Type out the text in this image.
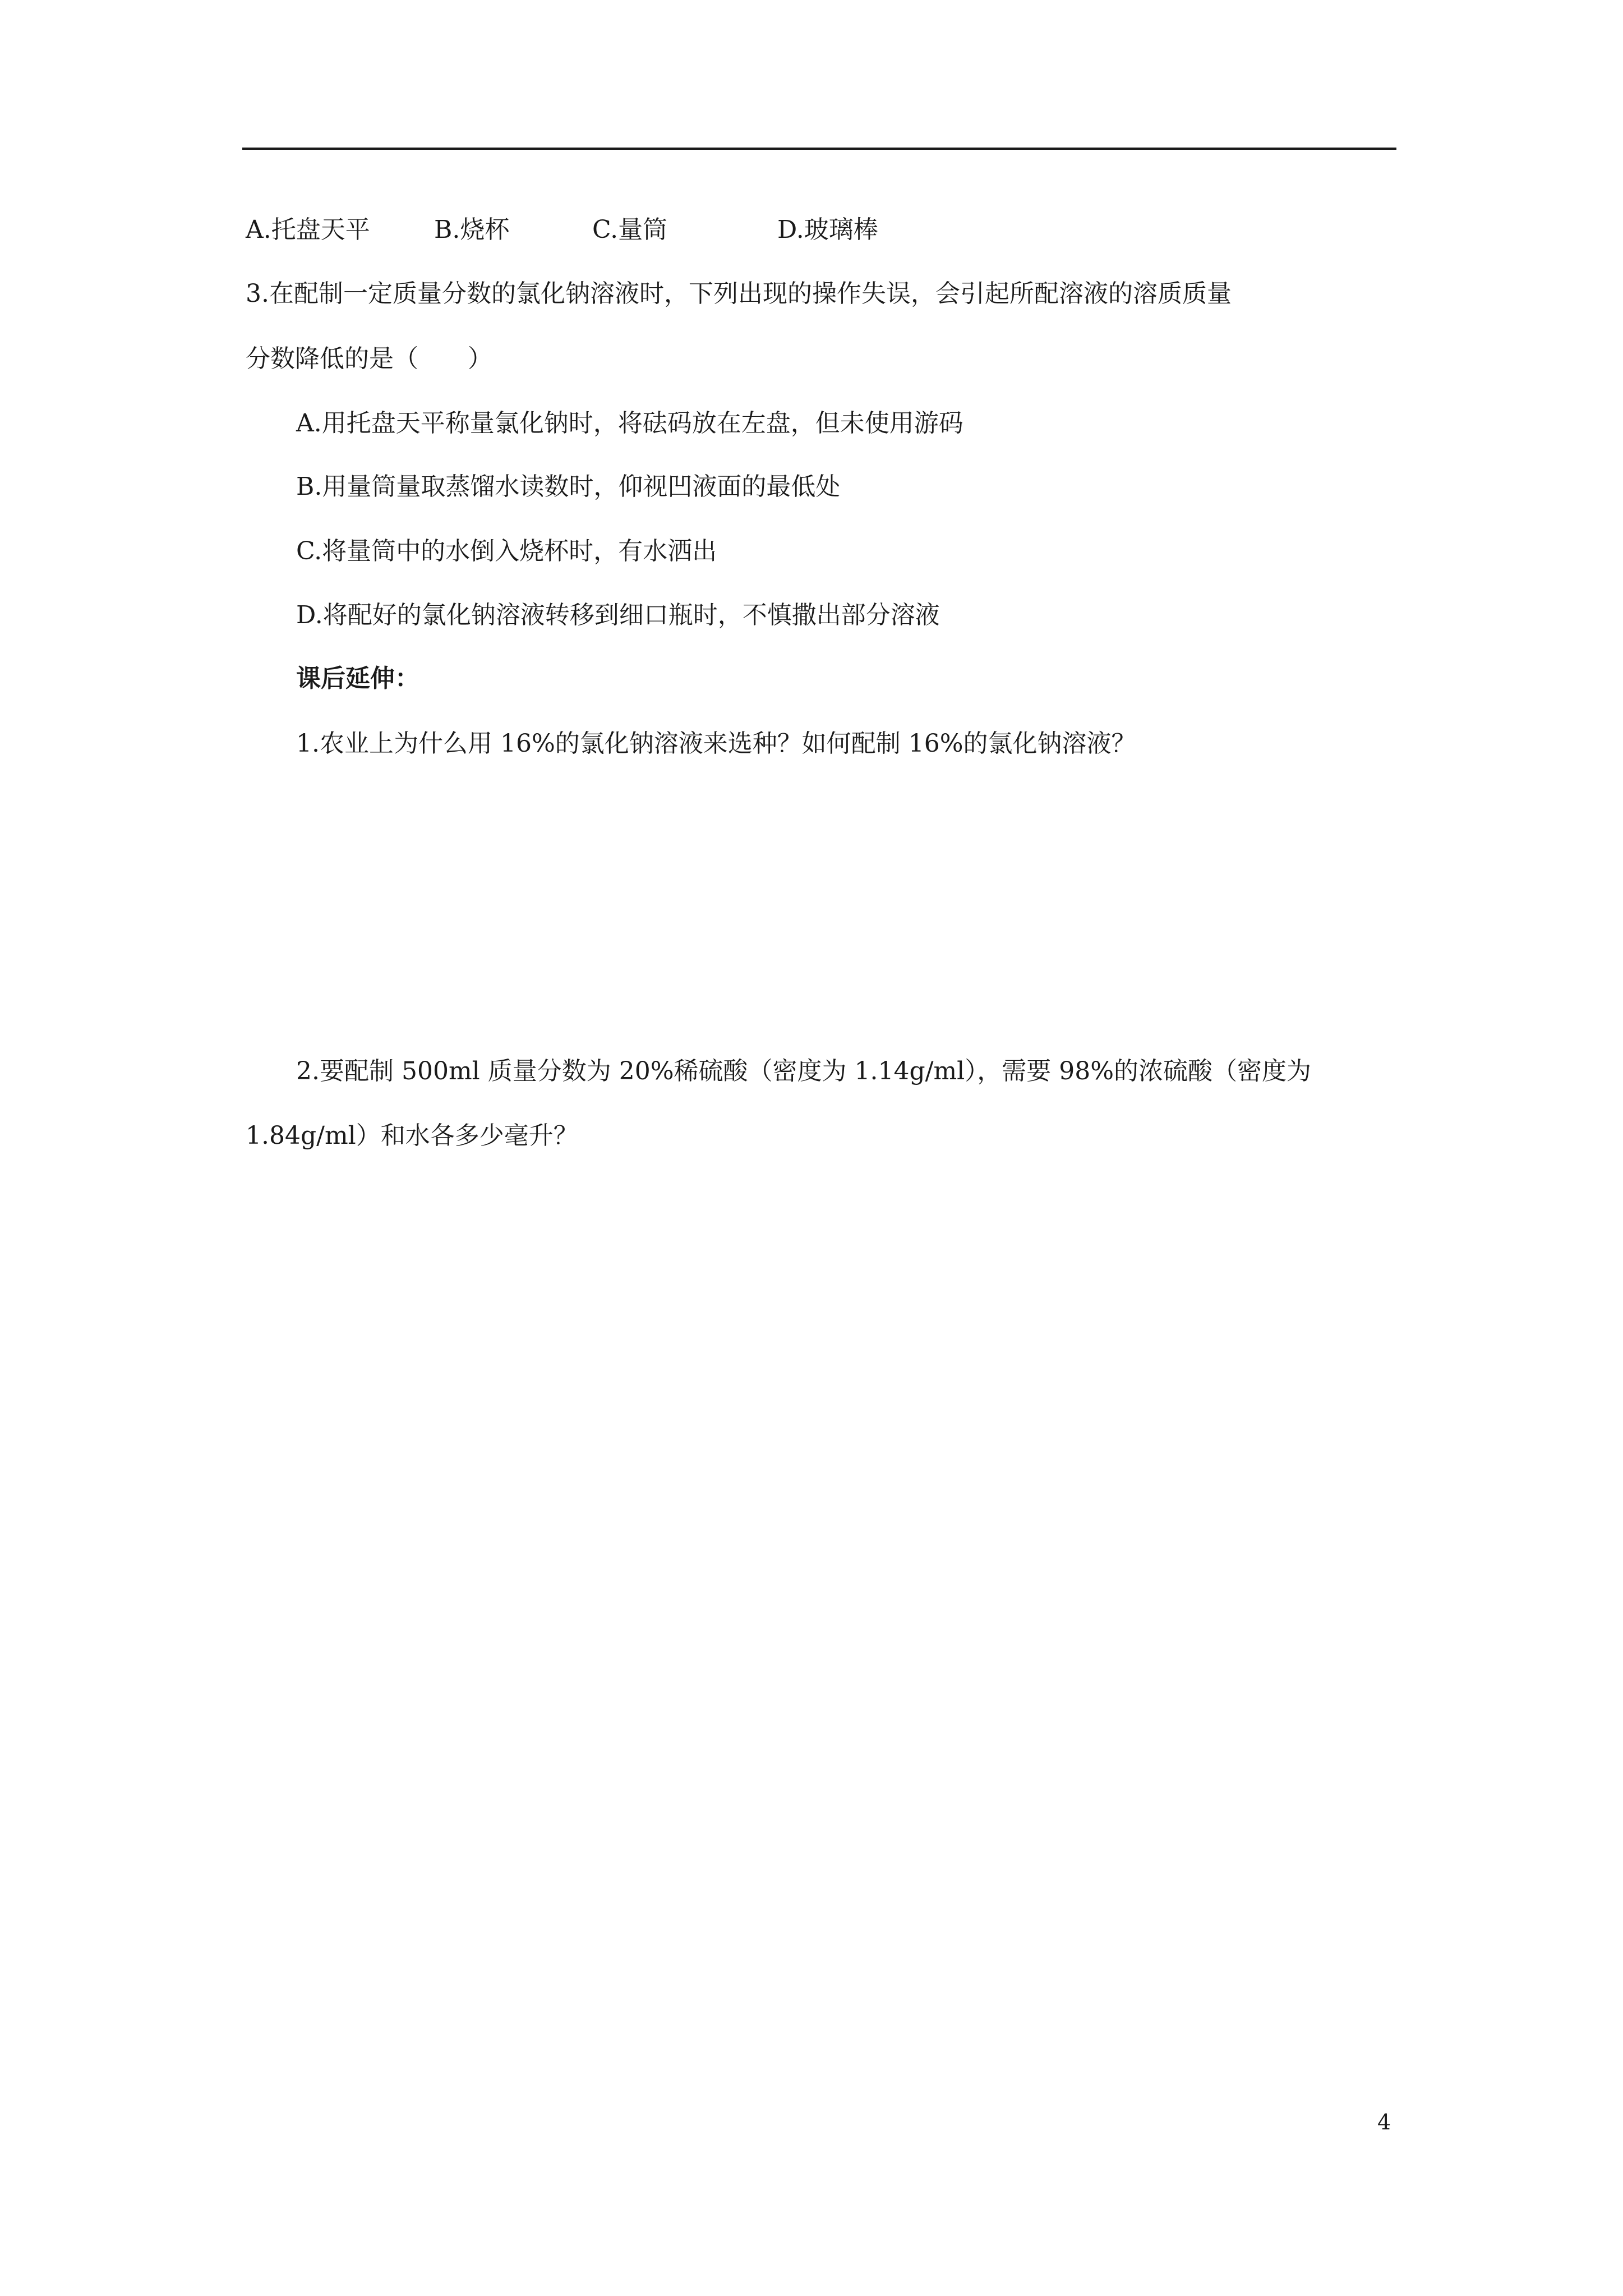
A.托盘天平	B.烧杯	C.量筒	D.玻璃棒
3.在配制一定质量分数的氯化钠溶液时，下列出现的操作失误，会引起所配溶液的溶质质量
分数降低的是（　　）
A.用托盘天平称量氯化钠时，将砝码放在左盘，但未使用游码
B.用量筒量取蒸馏水读数时，仰视凹液面的最低处
C.将量筒中的水倒入烧杯时，有水洒出
D.将配好的氯化钠溶液转移到细口瓶时，不慎撒出部分溶液
课后延伸：
1.农业上为什么用 16%的氯化钠溶液来选种？如何配制 16%的氯化钠溶液？
2.要配制 500ml 质量分数为 20%稀硫酸（密度为 1.14g/ml），需要 98%的浓硫酸（密度为
1.84g/ml）和水各多少毫升？
4
